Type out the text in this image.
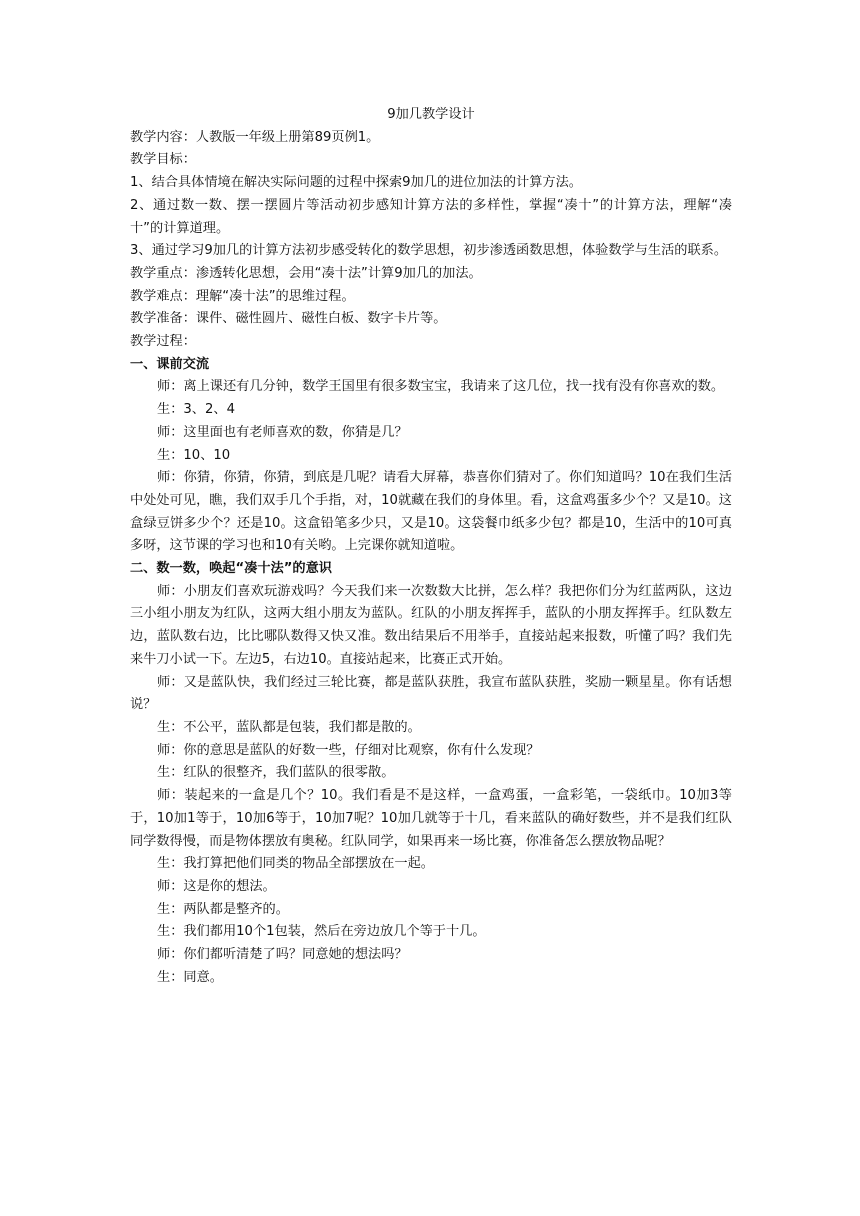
9加几教学设计

教学内容：人教版一年级上册第89页例1。

教学目标：

1、结合具体情境在解决实际问题的过程中探索9加几的进位加法的计算方法。

2、通过数一数、摆一摆圆片等活动初步感知计算方法的多样性，掌握“凑十”的计算方法，理解“凑十”的计算道理。

3、通过学习9加几的计算方法初步感受转化的数学思想，初步渗透函数思想，体验数学与生活的联系。

教学重点：渗透转化思想，会用“凑十法”计算9加几的加法。

教学难点：理解“凑十法”的思维过程。

教学准备：课件、磁性圆片、磁性白板、数字卡片等。

教学过程：

一、课前交流

师：离上课还有几分钟，数学王国里有很多数宝宝，我请来了这几位，找一找有没有你喜欢的数。

生：3、2、4

师：这里面也有老师喜欢的数，你猜是几？

生：10、10

师：你猜，你猜，你猜，到底是几呢？请看大屏幕，恭喜你们猜对了。你们知道吗？10在我们生活中处处可见，瞧，我们双手几个手指，对，10就藏在我们的身体里。看，这盒鸡蛋多少个？又是10。这盒绿豆饼多少个？还是10。这盒铅笔多少只，又是10。这袋餐巾纸多少包？都是10，生活中的10可真多呀，这节课的学习也和10有关哟。上完课你就知道啦。

二、数一数，唤起“凑十法”的意识

师：小朋友们喜欢玩游戏吗？今天我们来一次数数大比拼，怎么样？我把你们分为红蓝两队，这边三小组小朋友为红队，这两大组小朋友为蓝队。红队的小朋友挥挥手，蓝队的小朋友挥挥手。红队数左边，蓝队数右边，比比哪队数得又快又准。数出结果后不用举手，直接站起来报数，听懂了吗？我们先来牛刀小试一下。左边5，右边10。直接站起来，比赛正式开始。

师：又是蓝队快，我们经过三轮比赛，都是蓝队获胜，我宣布蓝队获胜，奖励一颗星星。你有话想说？

生：不公平，蓝队都是包装，我们都是散的。

师：你的意思是蓝队的好数一些，仔细对比观察，你有什么发现？

生：红队的很整齐，我们蓝队的很零散。

师：装起来的一盒是几个？10。我们看是不是这样，一盒鸡蛋，一盒彩笔，一袋纸巾。10加3等于，10加1等于，10加6等于，10加7呢？10加几就等于十几，看来蓝队的确好数些，并不是我们红队同学数得慢，而是物体摆放有奥秘。红队同学，如果再来一场比赛，你准备怎么摆放物品呢？

生：我打算把他们同类的物品全部摆放在一起。

师：这是你的想法。

生：两队都是整齐的。

生：我们都用10个1包装，然后在旁边放几个等于十几。

师：你们都听清楚了吗？同意她的想法吗？

生：同意。
